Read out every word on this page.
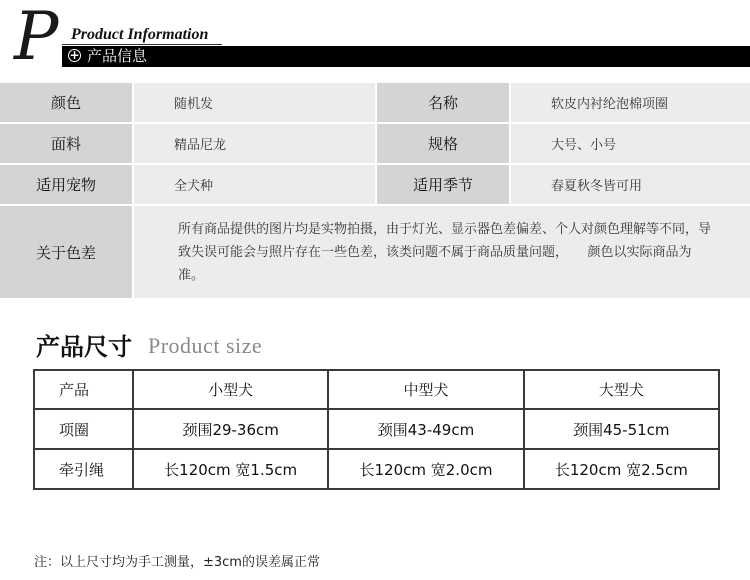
P Product Information
+ 产品信息
颜色	随机发	名称	软皮内衬纶泡棉项圈
面料	精品尼龙	规格	大号、小号
适用宠物	全犬种	适用季节	春夏秋冬皆可用
关于色差
所有商品提供的图片均是实物拍摄，由于灯光、显示器色差偏差、个人对颜色理解等不同，导致失误可能会与照片存在一些色差，该类问题不属于商品质量问题，　　颜色以实际商品为准。
产品尺寸 Product size
产品	小型犬	中型犬	大型犬
项圈	颈围29-36cm	颈围43-49cm	颈围45-51cm
牵引绳	长120cm 宽1.5cm	长120cm 宽2.0cm	长120cm 宽2.5cm
注：以上尺寸均为手工测量，±3cm的误差属正常
